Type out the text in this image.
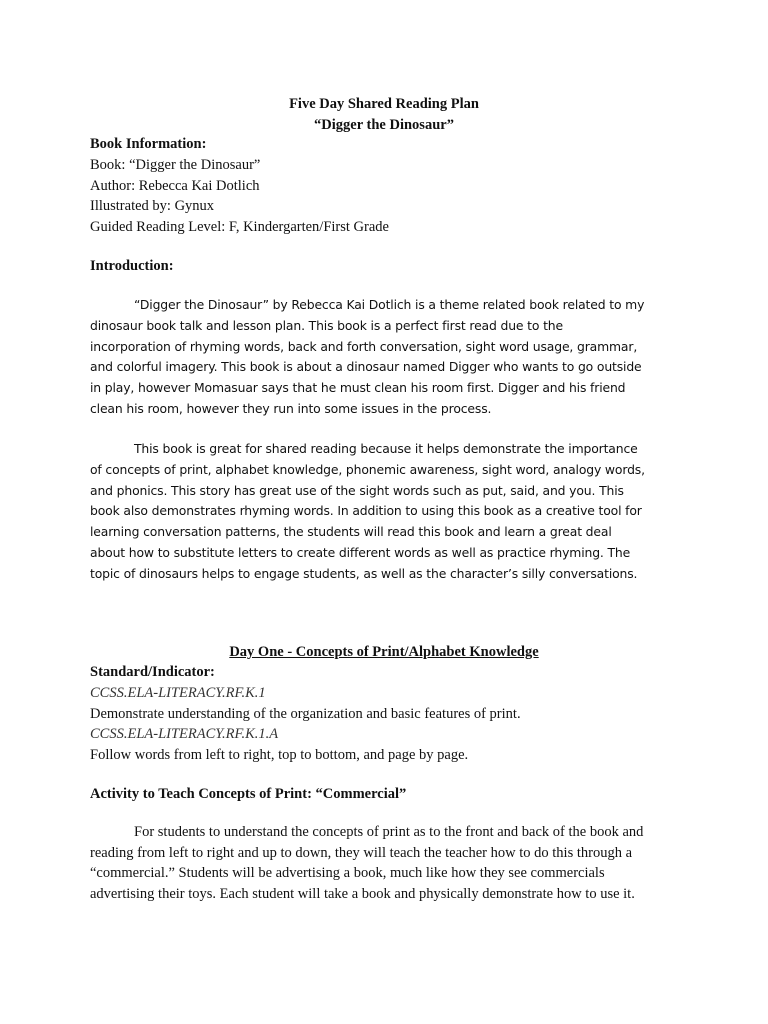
Five Day Shared Reading Plan
“Digger the Dinosaur”
Book Information:
Book: “Digger the Dinosaur”
Author: Rebecca Kai Dotlich
Illustrated by: Gynux
Guided Reading Level: F, Kindergarten/First Grade
Introduction:
“Digger the Dinosaur” by Rebecca Kai Dotlich is a theme related book related to my
dinosaur book talk and lesson plan. This book is a perfect first read due to the
incorporation of rhyming words, back and forth conversation, sight word usage, grammar,
and colorful imagery. This book is about a dinosaur named Digger who wants to go outside
in play, however Momasuar says that he must clean his room first. Digger and his friend
clean his room, however they run into some issues in the process.
This book is great for shared reading because it helps demonstrate the importance
of concepts of print, alphabet knowledge, phonemic awareness, sight word, analogy words,
and phonics. This story has great use of the sight words such as put, said, and you. This
book also demonstrates rhyming words. In addition to using this book as a creative tool for
learning conversation patterns, the students will read this book and learn a great deal
about how to substitute letters to create different words as well as practice rhyming. The
topic of dinosaurs helps to engage students, as well as the character’s silly conversations.
Day One - Concepts of Print/Alphabet Knowledge
Standard/Indicator:
CCSS.ELA-LITERACY.RF.K.1
Demonstrate understanding of the organization and basic features of print.
CCSS.ELA-LITERACY.RF.K.1.A
Follow words from left to right, top to bottom, and page by page.
Activity to Teach Concepts of Print: “Commercial”
For students to understand the concepts of print as to the front and back of the book and
reading from left to right and up to down, they will teach the teacher how to do this through a
“commercial.” Students will be advertising a book, much like how they see commercials
advertising their toys. Each student will take a book and physically demonstrate how to use it.
